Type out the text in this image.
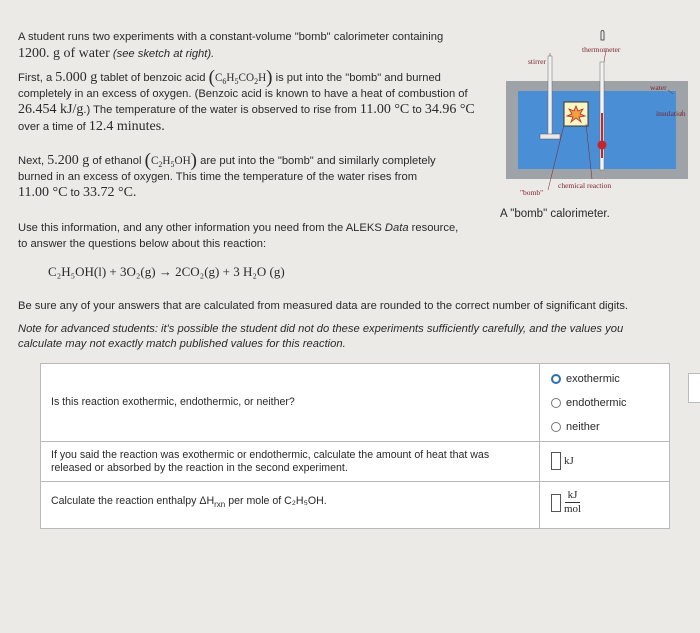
A student runs two experiments with a constant-volume "bomb" calorimeter containing
1200. g of water (see sketch at right).
First, a 5.000 g tablet of benzoic acid $(C_6H_5CO_2H)$ is put into the "bomb" and burned
completely in an excess of oxygen. (Benzoic acid is known to have a heat of combustion of
26.454 kJ/g.) The temperature of the water is observed to rise from 11.00 °C to 34.96 °C
over a time of 12.4 minutes.
Next, 5.200 g of ethanol $(C_2H_5OH)$ are put into the "bomb" and similarly completely
burned in an excess of oxygen. This time the temperature of the water rises from
11.00 °C to 33.72 °C.
Use this information, and any other information you need from the ALEKS Data resource,
to answer the questions below about this reaction:
C₂H₅OH(l) + 3O₂(g) → 2CO₂(g) + 3 H₂O (g)
Be sure any of your answers that are calculated from measured data are rounded to the correct number of significant digits.
Note for advanced students: it's possible the student did not do these experiments sufficiently carefully, and the values you calculate may not exactly match published values for this reaction.
stirrer
thermometer
water
insulation
chemical reaction
"bomb"
A "bomb" calorimeter.
Is this reaction exothermic, endothermic, or neither?
exothermic
endothermic
neither
If you said the reaction was exothermic or endothermic, calculate the amount of heat that was
released or absorbed by the reaction in the second experiment.
kJ
Calculate the reaction enthalpy $\Delta H_{rxn}$ per mole of C₂H₅OH.	$\frac{kJ}{\text{mol}}$
